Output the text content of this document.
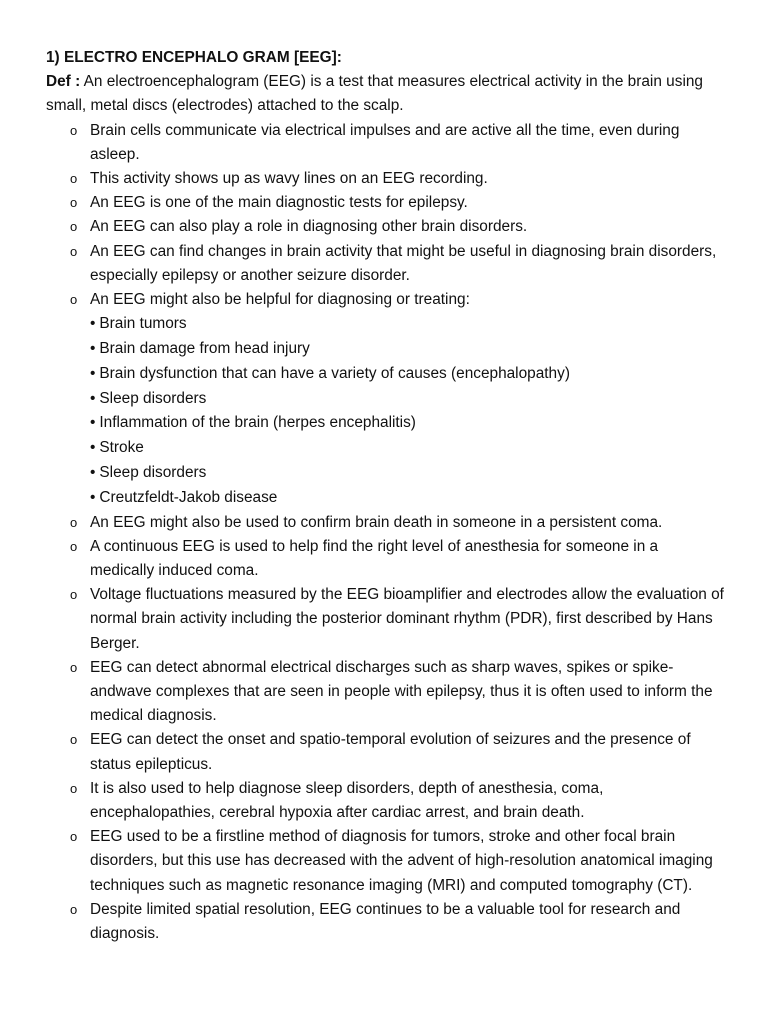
1) ELECTRO ENCEPHALO GRAM [EEG]:

Def : An electroencephalogram (EEG) is a test that measures electrical activity in the brain using small, metal discs (electrodes) attached to the scalp.

o Brain cells communicate via electrical impulses and are active all the time, even during asleep.
o This activity shows up as wavy lines on an EEG recording.
o An EEG is one of the main diagnostic tests for epilepsy.
o An EEG can also play a role in diagnosing other brain disorders.
o An EEG can find changes in brain activity that might be useful in diagnosing brain disorders, especially epilepsy or another seizure disorder.
o An EEG might also be helpful for diagnosing or treating:
• Brain tumors
• Brain damage from head injury
• Brain dysfunction that can have a variety of causes (encephalopathy)
• Sleep disorders
• Inflammation of the brain (herpes encephalitis)
• Stroke
• Sleep disorders
• Creutzfeldt-Jakob disease
o An EEG might also be used to confirm brain death in someone in a persistent coma.
o A continuous EEG is used to help find the right level of anesthesia for someone in a medically induced coma.
o Voltage fluctuations measured by the EEG bioamplifier and electrodes allow the evaluation of normal brain activity including the posterior dominant rhythm (PDR), first described by Hans Berger.
o EEG can detect abnormal electrical discharges such as sharp waves, spikes or spike-andwave complexes that are seen in people with epilepsy, thus it is often used to inform the medical diagnosis.
o EEG can detect the onset and spatio-temporal evolution of seizures and the presence of status epilepticus.
o It is also used to help diagnose sleep disorders, depth of anesthesia, coma, encephalopathies, cerebral hypoxia after cardiac arrest, and brain death.
o EEG used to be a firstline method of diagnosis for tumors, stroke and other focal brain disorders, but this use has decreased with the advent of high-resolution anatomical imaging techniques such as magnetic resonance imaging (MRI) and computed tomography (CT).
o Despite limited spatial resolution, EEG continues to be a valuable tool for research and diagnosis.
